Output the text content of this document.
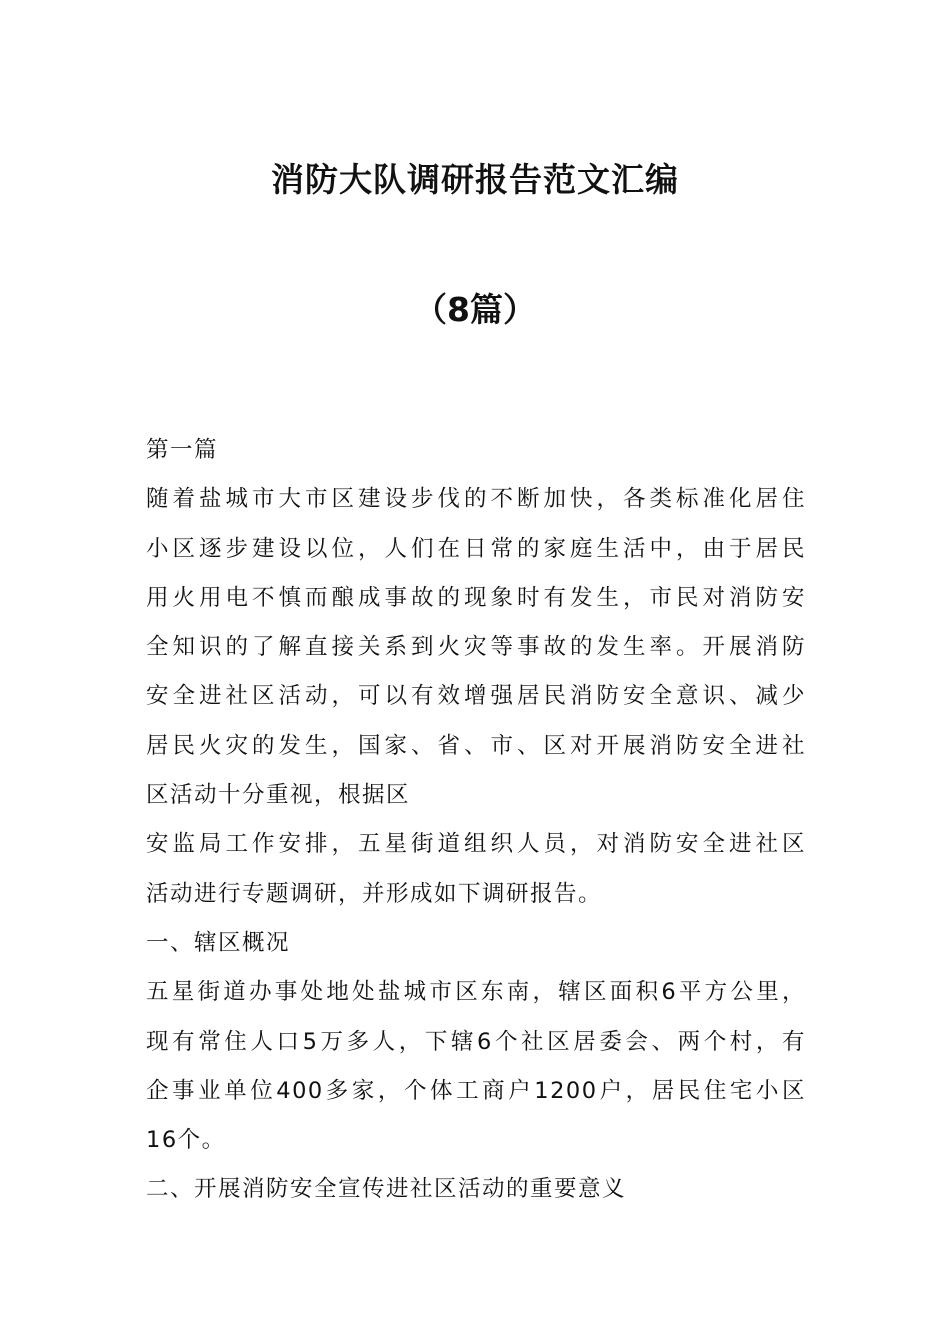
消防大队调研报告范文汇编
（8篇）
第一篇
随着盐城市大市区建设步伐的不断加快，各类标准化居住
小区逐步建设以位，人们在日常的家庭生活中，由于居民
用火用电不慎而酿成事故的现象时有发生，市民对消防安
全知识的了解直接关系到火灾等事故的发生率。开展消防
安全进社区活动，可以有效增强居民消防安全意识、减少
居民火灾的发生，国家、省、市、区对开展消防安全进社
区活动十分重视，根据区
安监局工作安排，五星街道组织人员，对消防安全进社区
活动进行专题调研，并形成如下调研报告。
一、辖区概况
五星街道办事处地处盐城市区东南，辖区面积6平方公里，
现有常住人口5万多人，下辖6个社区居委会、两个村，有
企事业单位400多家，个体工商户1200户，居民住宅小区
16个。
二、开展消防安全宣传进社区活动的重要意义
